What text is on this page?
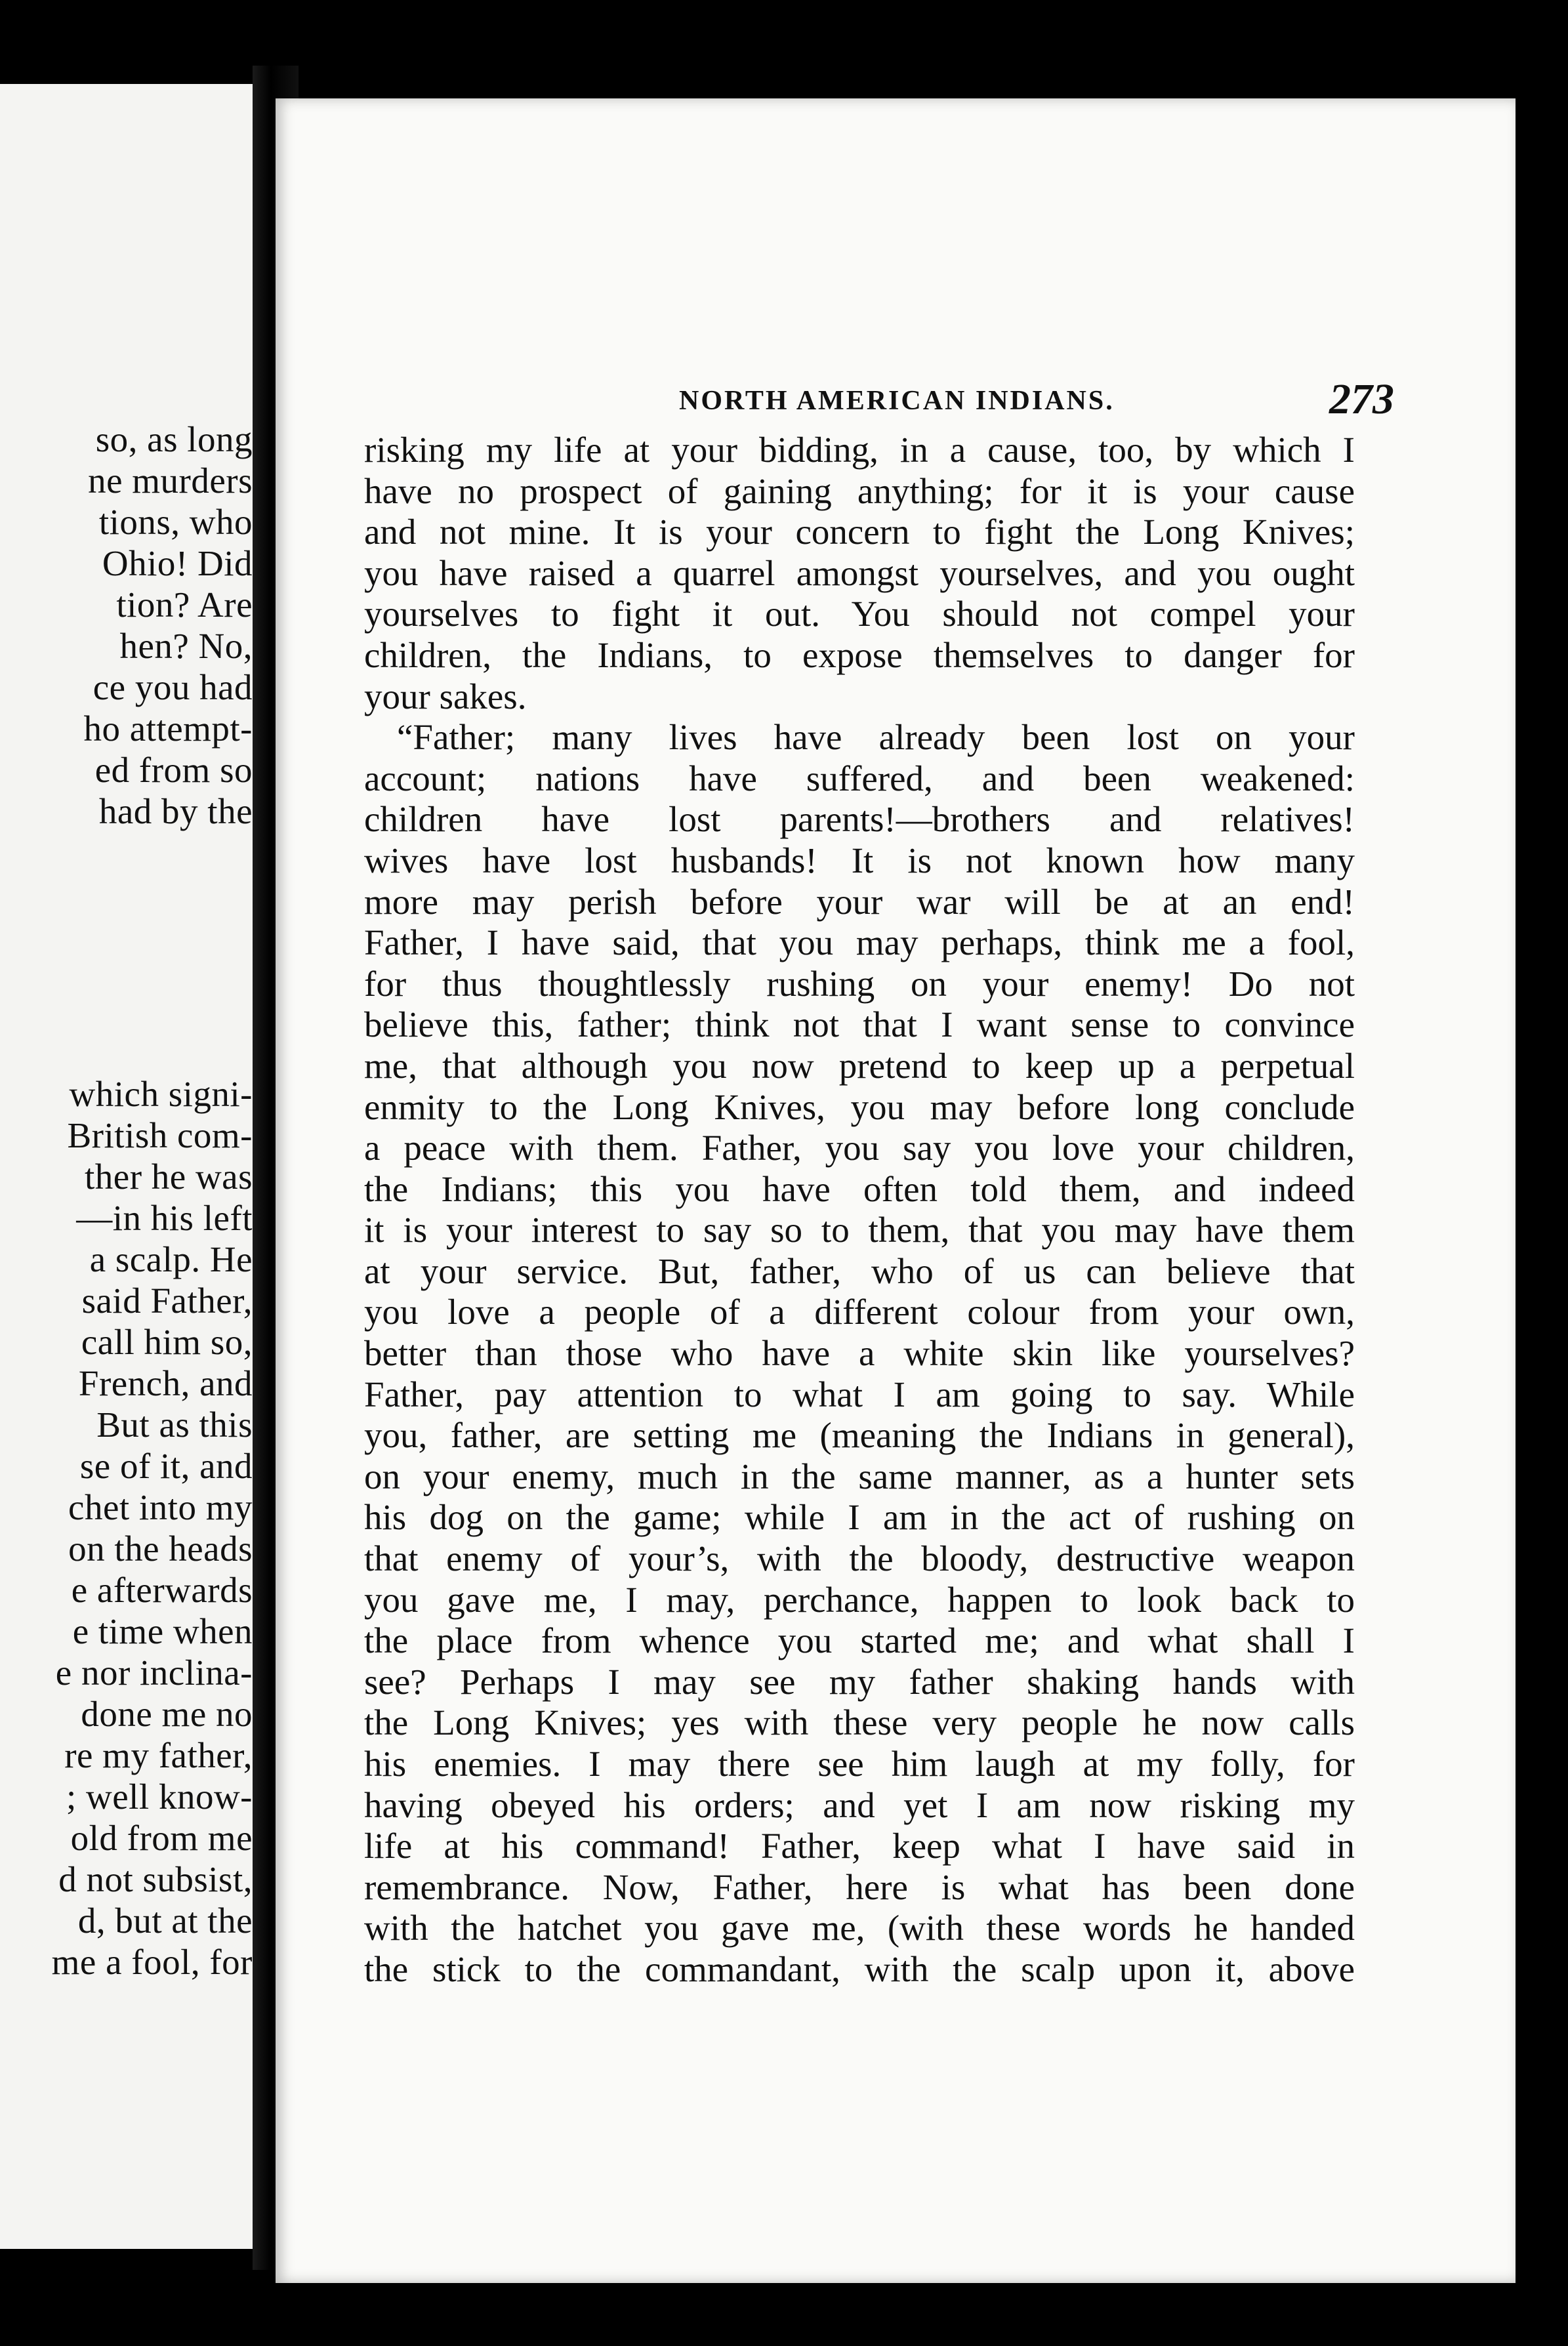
so, as long
ne murders
tions, who
Ohio! Did
tion? Are
hen? No,
ce you had
ho attempt-
ed from so
had by the
which signi-
British com-
ther he was
—in his left
a scalp. He
said Father,
call him so,
French, and
But as this
se of it, and
chet into my
on the heads
e afterwards
e time when
e nor inclina-
done me no
re my father,
; well know-
old from me
d not subsist,
d, but at the
me a fool, for
NORTH AMERICAN INDIANS.	273
risking my life at your bidding, in a cause, too, by which I
have no prospect of gaining anything; for it is your cause
and not mine. It is your concern to fight the Long Knives;
you have raised a quarrel amongst yourselves, and you ought
yourselves to fight it out. You should not compel your
children, the Indians, to expose themselves to danger for
your sakes.
“Father; many lives have already been lost on your
account; nations have suffered, and been weakened:
children have lost parents!—brothers and relatives!
wives have lost husbands! It is not known how many
more may perish before your war will be at an end!
Father, I have said, that you may perhaps, think me a fool,
for thus thoughtlessly rushing on your enemy! Do not
believe this, father; think not that I want sense to convince
me, that although you now pretend to keep up a perpetual
enmity to the Long Knives, you may before long conclude
a peace with them. Father, you say you love your children,
the Indians; this you have often told them, and indeed
it is your interest to say so to them, that you may have them
at your service. But, father, who of us can believe that
you love a people of a different colour from your own,
better than those who have a white skin like yourselves?
Father, pay attention to what I am going to say. While
you, father, are setting me (meaning the Indians in general),
on your enemy, much in the same manner, as a hunter sets
his dog on the game; while I am in the act of rushing on
that enemy of your’s, with the bloody, destructive weapon
you gave me, I may, perchance, happen to look back to
the place from whence you started me; and what shall I
see? Perhaps I may see my father shaking hands with
the Long Knives; yes with these very people he now calls
his enemies. I may there see him laugh at my folly, for
having obeyed his orders; and yet I am now risking my
life at his command! Father, keep what I have said in
remembrance. Now, Father, here is what has been done
with the hatchet you gave me, (with these words he handed
the stick to the commandant, with the scalp upon it, above
